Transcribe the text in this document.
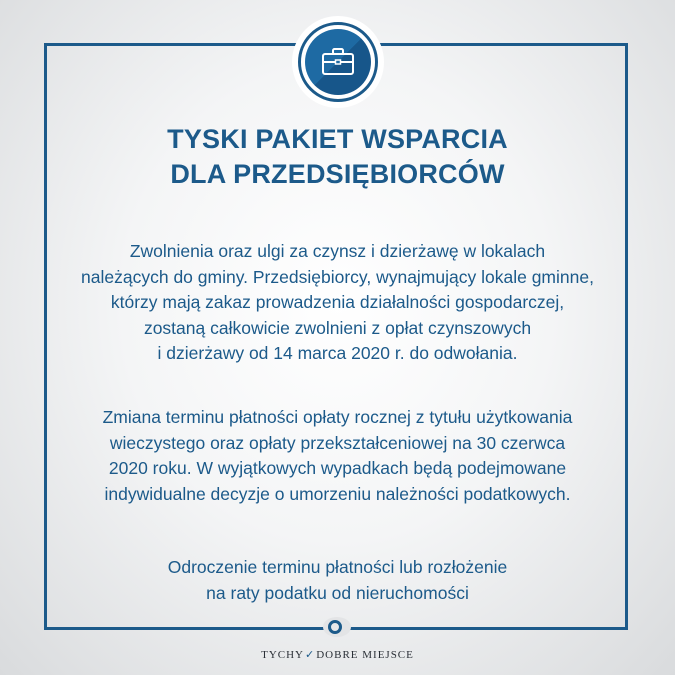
TYSKI PAKIET WSPARCIA
DLA PRZEDSIĘBIORCÓW
Zwolnienia oraz ulgi za czynsz i dzierżawę w lokalach
należących do gminy. Przedsiębiorcy, wynajmujący lokale gminne,
którzy mają zakaz prowadzenia działalności gospodarczej,
zostaną całkowicie zwolnieni z opłat czynszowych
i dzierżawy od 14 marca 2020 r. do odwołania.
Zmiana terminu płatności opłaty rocznej z tytułu użytkowania
wieczystego oraz opłaty przekształceniowej na 30 czerwca
2020 roku. W wyjątkowych wypadkach będą podejmowane
indywidualne decyzje o umorzeniu należności podatkowych.
Odroczenie terminu płatności lub rozłożenie
na raty podatku od nieruchomości
TYCHY✓DOBRE MIEJSCE
